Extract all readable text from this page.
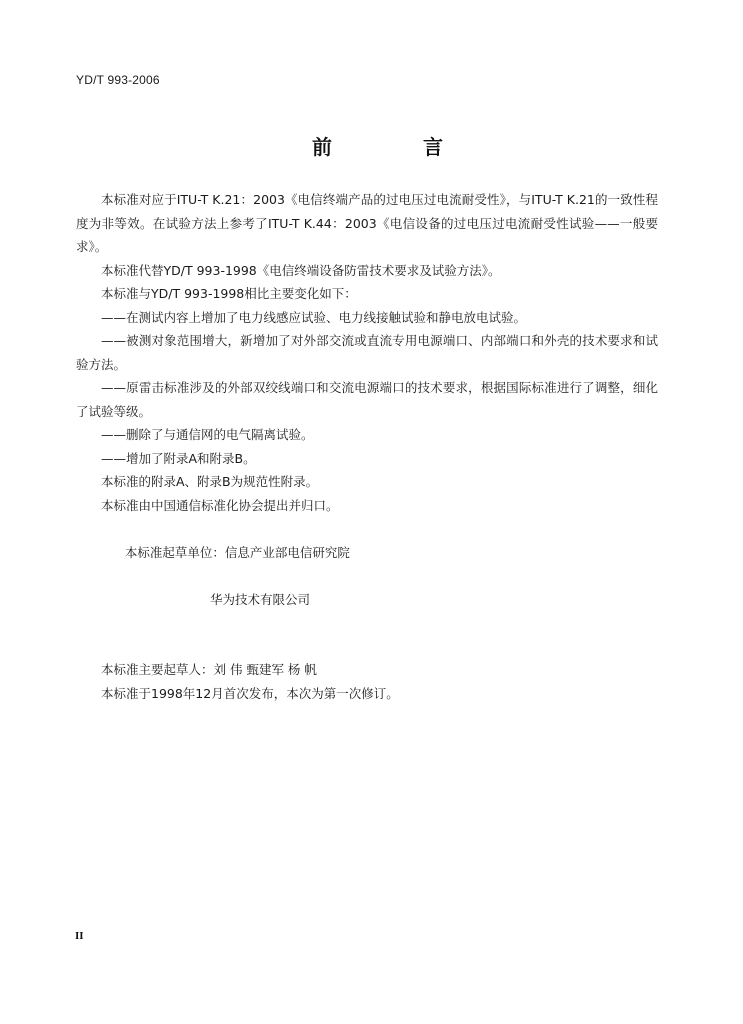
YD/T 993-2006
前 言

本标准对应于ITU-T K.21：2003《电信终端产品的过电压过电流耐受性》，与ITU-T K.21的一致性程度为非等效。在试验方法上参考了ITU-T K.44：2003《电信设备的过电压过电流耐受性试验——一般要求》。

本标准代替YD/T 993-1998《电信终端设备防雷技术要求及试验方法》。

本标准与YD/T 993-1998相比主要变化如下：

——在测试内容上增加了电力线感应试验、电力线接触试验和静电放电试验。

——被测对象范围增大，新增加了对外部交流或直流专用电源端口、内部端口和外壳的技术要求和试验方法。

——原雷击标准涉及的外部双绞线端口和交流电源端口的技术要求，根据国际标准进行了调整，细化了试验等级。

——删除了与通信网的电气隔离试验。

——增加了附录A和附录B。

本标准的附录A、附录B为规范性附录。

本标准由中国通信标准化协会提出并归口。

本标准起草单位：信息产业部电信研究院

华为技术有限公司

本标准主要起草人：刘 伟 甄建军 杨 帆

本标准于1998年12月首次发布，本次为第一次修订。

II
